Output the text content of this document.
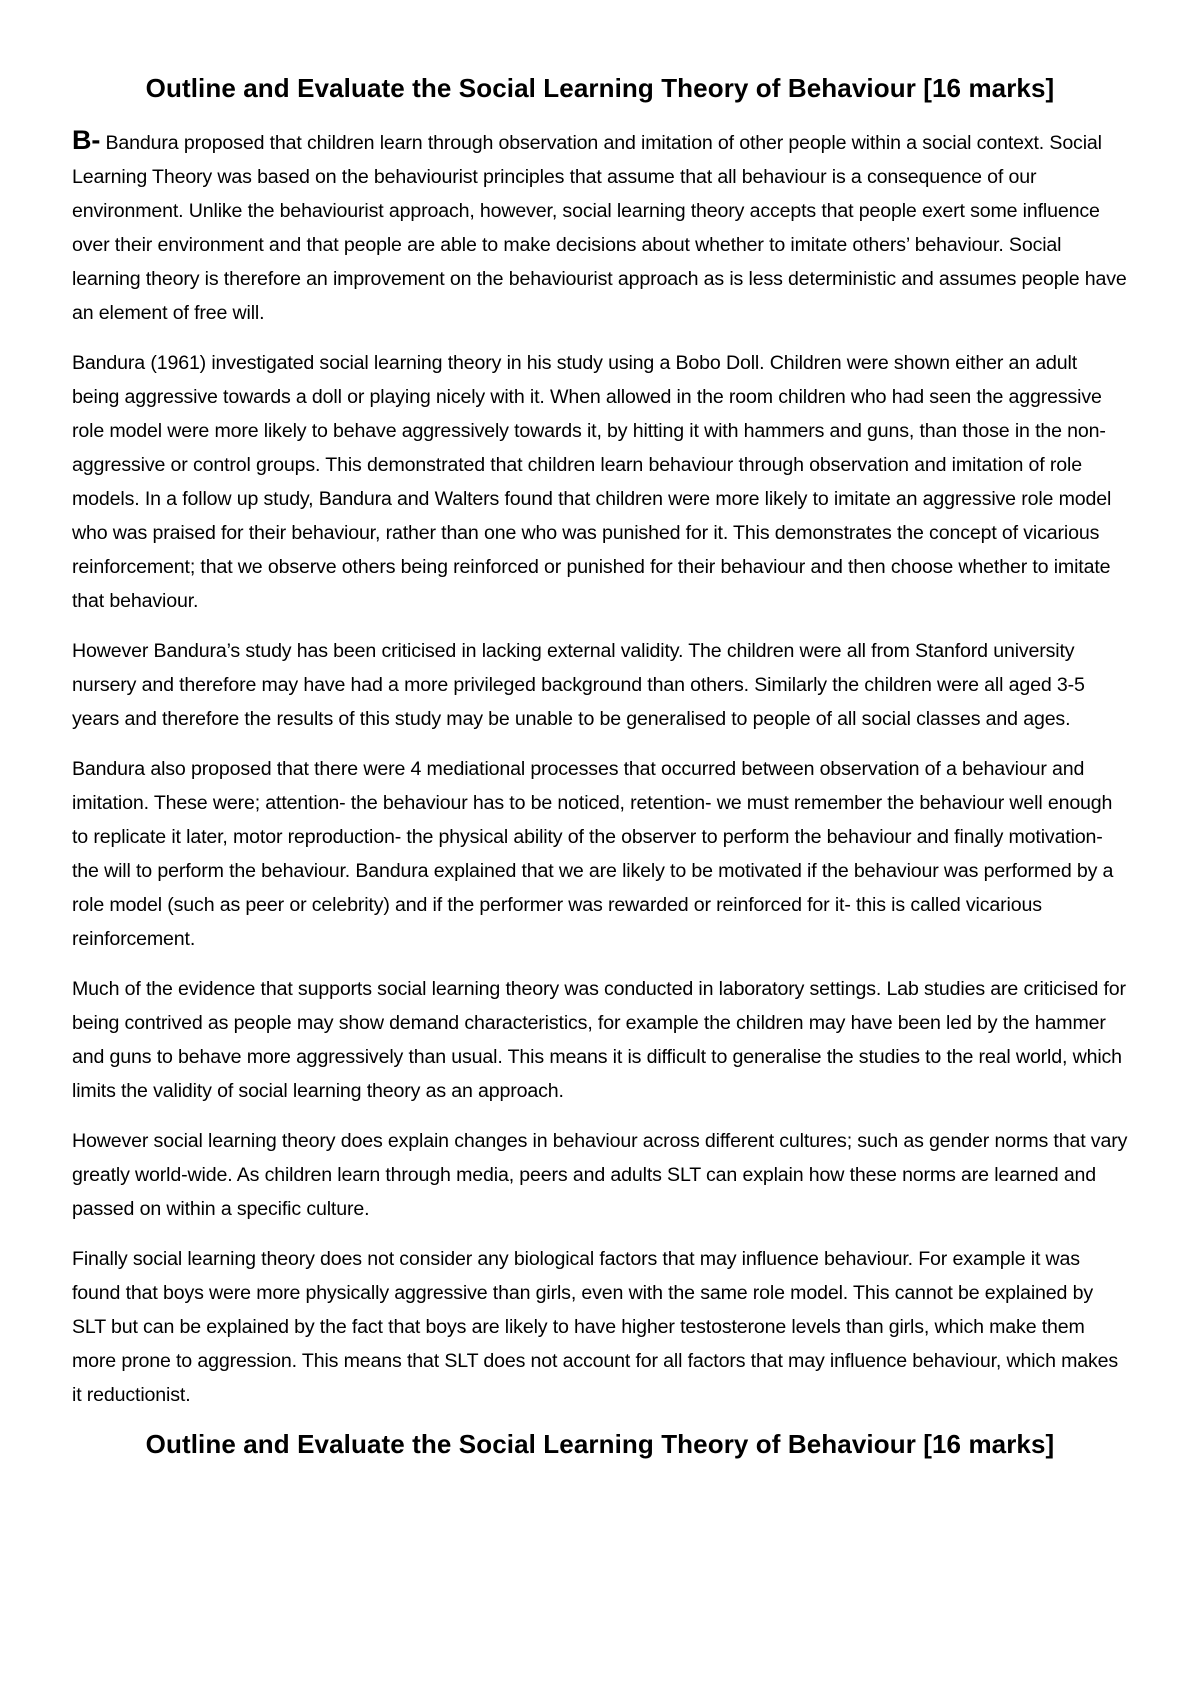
Outline and Evaluate the Social Learning Theory of Behaviour [16 marks]

B- Bandura proposed that children learn through observation and imitation of other people within a social context. Social Learning Theory was based on the behaviourist principles that assume that all behaviour is a consequence of our environment. Unlike the behaviourist approach, however, social learning theory accepts that people exert some influence over their environment and that people are able to make decisions about whether to imitate others’ behaviour. Social learning theory is therefore an improvement on the behaviourist approach as is less deterministic and assumes people have an element of free will.

Bandura (1961) investigated social learning theory in his study using a Bobo Doll. Children were shown either an adult being aggressive towards a doll or playing nicely with it. When allowed in the room children who had seen the aggressive role model were more likely to behave aggressively towards it, by hitting it with hammers and guns, than those in the non-aggressive or control groups. This demonstrated that children learn behaviour through observation and imitation of role models. In a follow up study, Bandura and Walters found that children were more likely to imitate an aggressive role model who was praised for their behaviour, rather than one who was punished for it. This demonstrates the concept of vicarious reinforcement; that we observe others being reinforced or punished for their behaviour and then choose whether to imitate that behaviour.

However Bandura’s study has been criticised in lacking external validity. The children were all from Stanford university nursery and therefore may have had a more privileged background than others. Similarly the children were all aged 3-5 years and therefore the results of this study may be unable to be generalised to people of all social classes and ages.

Bandura also proposed that there were 4 mediational processes that occurred between observation of a behaviour and imitation. These were; attention- the behaviour has to be noticed, retention- we must remember the behaviour well enough to replicate it later, motor reproduction- the physical ability of the observer to perform the behaviour and finally motivation- the will to perform the behaviour. Bandura explained that we are likely to be motivated if the behaviour was performed by a role model (such as peer or celebrity) and if the performer was rewarded or reinforced for it- this is called vicarious reinforcement.

Much of the evidence that supports social learning theory was conducted in laboratory settings. Lab studies are criticised for being contrived as people may show demand characteristics, for example the children may have been led by the hammer and guns to behave more aggressively than usual. This means it is difficult to generalise the studies to the real world, which limits the validity of social learning theory as an approach.

However social learning theory does explain changes in behaviour across different cultures; such as gender norms that vary greatly world-wide. As children learn through media, peers and adults SLT can explain how these norms are learned and passed on within a specific culture.

Finally social learning theory does not consider any biological factors that may influence behaviour. For example it was found that boys were more physically aggressive than girls, even with the same role model. This cannot be explained by SLT but can be explained by the fact that boys are likely to have higher testosterone levels than girls, which make them more prone to aggression. This means that SLT does not account for all factors that may influence behaviour, which makes it reductionist.

Outline and Evaluate the Social Learning Theory of Behaviour [16 marks]
